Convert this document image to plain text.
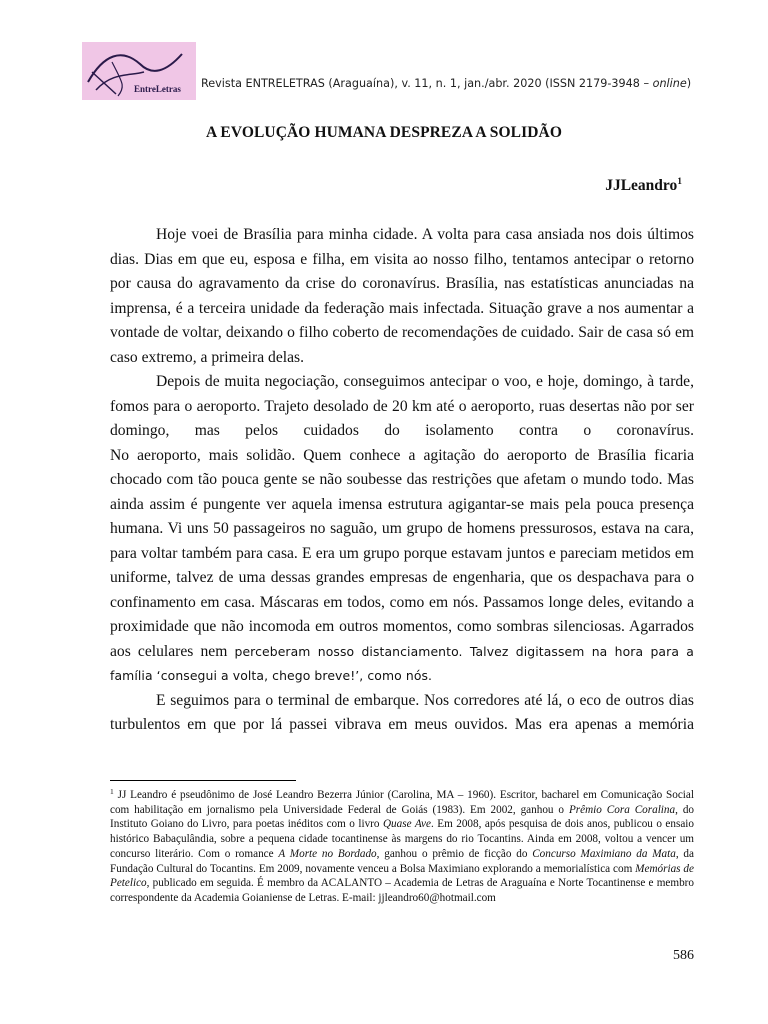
EntreLetras Revista ENTRELETRAS (Araguaína), v. 11, n. 1, jan./abr. 2020 (ISSN 2179-3948 – online)
A EVOLUÇÃO HUMANA DESPREZA A SOLIDÃO
JJLeandro$^1$

Hoje voei de Brasília para minha cidade. A volta para casa ansiada nos dois últimos dias. Dias em que eu, esposa e filha, em visita ao nosso filho, tentamos antecipar o retorno por causa do agravamento da crise do coronavírus. Brasília, nas estatísticas anunciadas na imprensa, é a terceira unidade da federação mais infectada. Situação grave a nos aumentar a vontade de voltar, deixando o filho coberto de recomendações de cuidado. Sair de casa só em caso extremo, a primeira delas.

Depois de muita negociação, conseguimos antecipar o voo, e hoje, domingo, à tarde, fomos para o aeroporto. Trajeto desolado de 20 km até o aeroporto, ruas desertas não por ser domingo, mas pelos cuidados do isolamento contra o coronavírus.

No aeroporto, mais solidão. Quem conhece a agitação do aeroporto de Brasília ficaria chocado com tão pouca gente se não soubesse das restrições que afetam o mundo todo. Mas ainda assim é pungente ver aquela imensa estrutura agigantar-se mais pela pouca presença humana. Vi uns 50 passageiros no saguão, um grupo de homens pressurosos, estava na cara, para voltar também para casa. E era um grupo porque estavam juntos e pareciam metidos em uniforme, talvez de uma dessas grandes empresas de engenharia, que os despachava para o confinamento em casa. Máscaras em todos, como em nós. Passamos longe deles, evitando a proximidade que não incomoda em outros momentos, como sombras silenciosas. Agarrados aos celulares nem perceberam nosso distanciamento. Talvez digitassem na hora para a família ‘consegui a volta, chego breve!’, como nós.

E seguimos para o terminal de embarque. Nos corredores até lá, o eco de outros dias turbulentos em que por lá passei vibrava em meus ouvidos. Mas era apenas a memória

$^1$ JJ Leandro é pseudônimo de José Leandro Bezerra Júnior (Carolina, MA – 1960). Escritor, bacharel em Comunicação Social com habilitação em jornalismo pela Universidade Federal de Goiás (1983). Em 2002, ganhou o Prêmio Cora Coralina, do Instituto Goiano do Livro, para poetas inéditos com o livro Quase Ave. Em 2008, após pesquisa de dois anos, publicou o ensaio histórico Babaçulândia, sobre a pequena cidade tocantinense às margens do rio Tocantins. Ainda em 2008, voltou a vencer um concurso literário. Com o romance A Morte no Bordado, ganhou o prêmio de ficção do Concurso Maximiano da Mata, da Fundação Cultural do Tocantins. Em 2009, novamente venceu a Bolsa Maximiano explorando a memorialística com Memórias de Petelico, publicado em seguida. É membro da ACALANTO – Academia de Letras de Araguaína e Norte Tocantinense e membro correspondente da Academia Goianiense de Letras. E-mail: jjleandro60@hotmail.com

586
